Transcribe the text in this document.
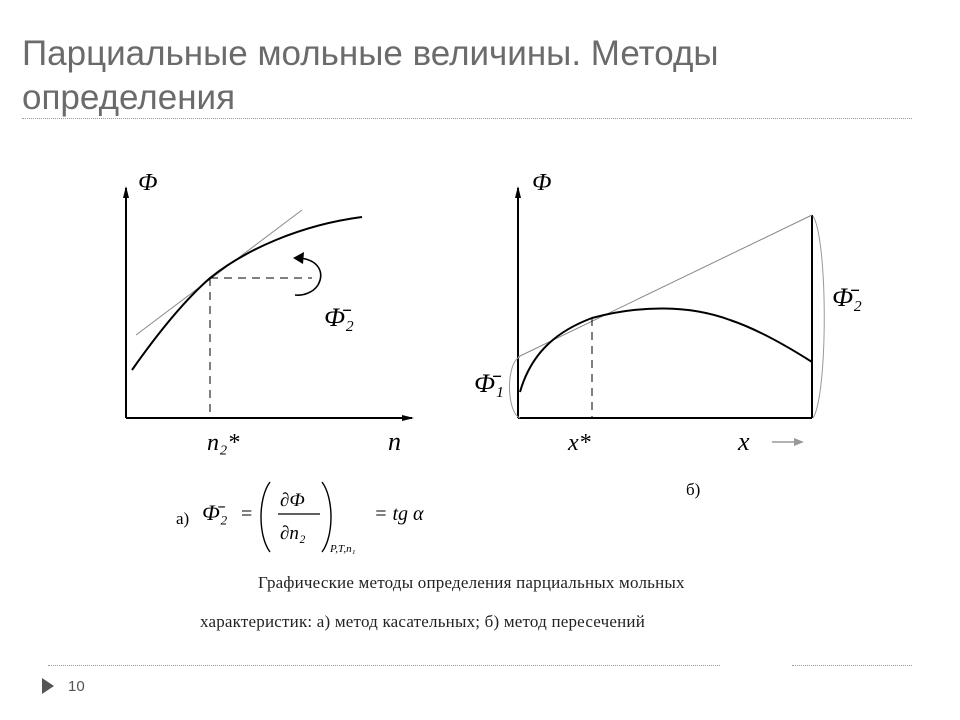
Парциальные мольные величины. Методы определения
Ф
Ф̄₂
n₂*	n
а) Ф̄₂ =
∂Ф
∂n₂
P,T,n₁
= tg α
Ф
Ф̄₁
Ф̄₂
x*	x
б)
Графические методы определения парциальных мольных
характеристик: а) метод касательных; б) метод пересечений
10
